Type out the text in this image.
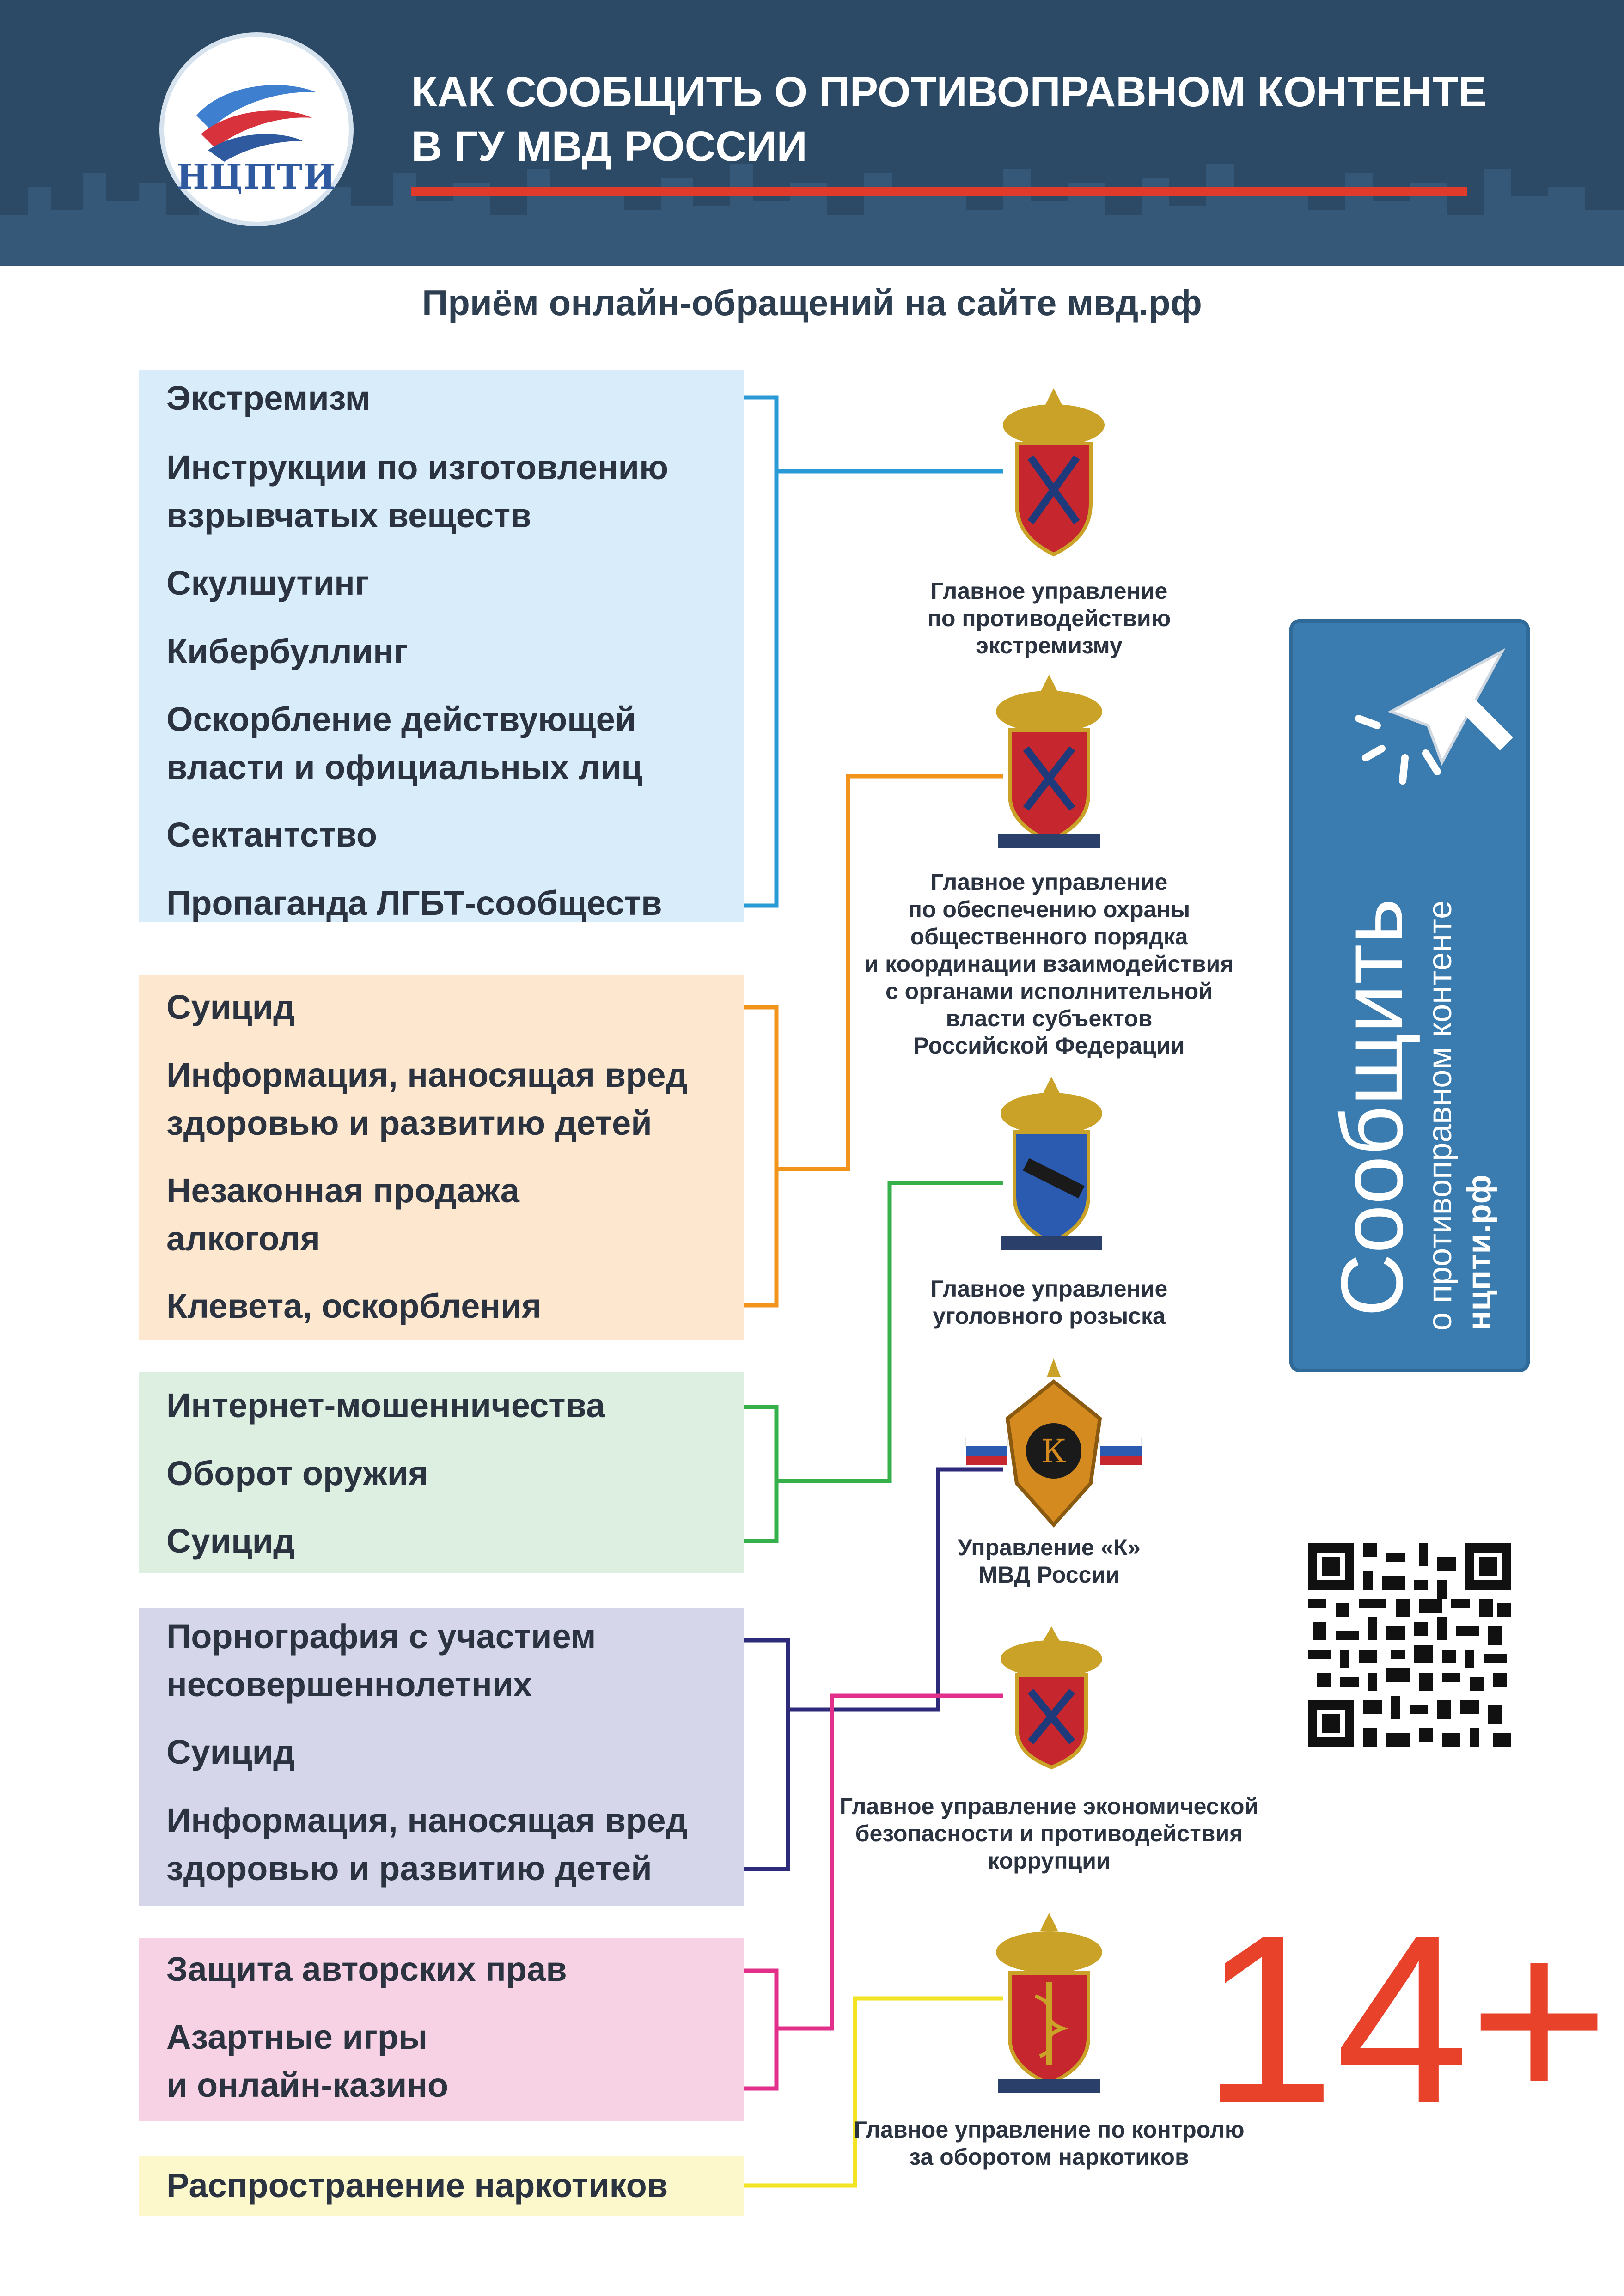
НЦПТИ
КАК СООБЩИТЬ О ПРОТИВОПРАВНОМ КОНТЕНТЕ
В ГУ МВД РОССИИ
Приём онлайн-обращений на сайте мвд.рф
Экстремизм
Инструкции по изготовлению
взрывчатых веществ
Скулшутинг
Кибербуллинг
Оскорбление действующей
власти и официальных лиц
Сектантство
Пропаганда ЛГБТ-сообществ
Суицид
Информация, наносящая вред
здоровью и развитию детей
Незаконная продажа
алкоголя
Клевета, оскорбления
Интернет-мошенничества
Оборот оружия
Суицид
Порнография с участием
несовершеннолетних
Суицид
Информация, наносящая вред
здоровью и развитию детей
Защита авторских прав
Азартные игры
и онлайн-казино
Распространение наркотиков
К
Главное управление
по противодействию
экстремизму
Главное управление
по обеспечению охраны
общественного порядка
и координации взаимодействия
с органами исполнительной
власти субъектов
Российской Федерации
Главное управление
уголовного розыска
Управление «К»
МВД России
Главное управление экономической
безопасности и противодействия
коррупции
Главное управление по контролю
за оборотом наркотиков
Сообщить о противоправном контенте нцпти.рф
14+
